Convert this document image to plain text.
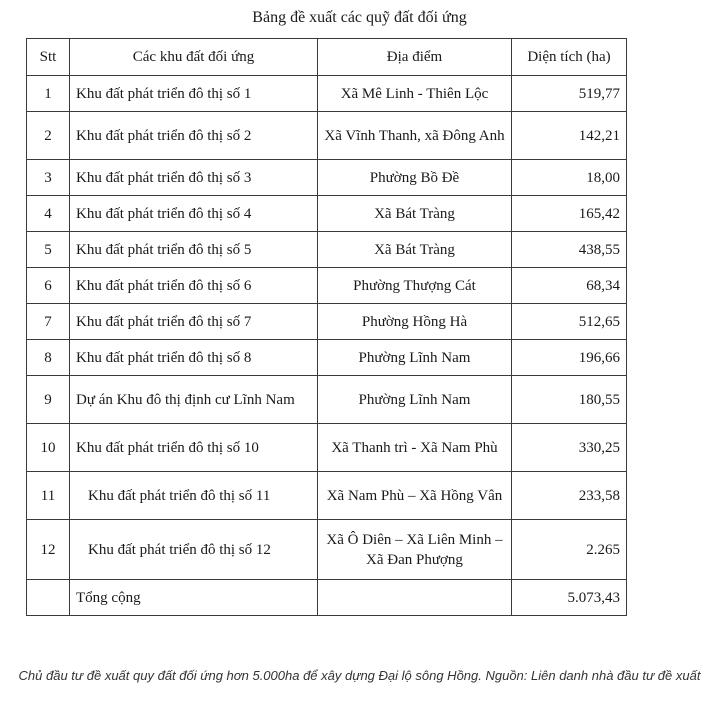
Bảng đề xuất các quỹ đất đối ứng
Stt	Các khu đất đối ứng	Địa điểm	Diện tích (ha)
1	Khu đất phát triển đô thị số 1	Xã Mê Linh - Thiên Lộc	519,77
2	Khu đất phát triển đô thị số 2	Xã Vĩnh Thanh, xã Đông Anh	142,21
3	Khu đất phát triển đô thị số 3	Phường Bồ Đề	18,00
4	Khu đất phát triển đô thị số 4	Xã Bát Tràng	165,42
5	Khu đất phát triển đô thị số 5	Xã Bát Tràng	438,55
6	Khu đất phát triển đô thị số 6	Phường Thượng Cát	68,34
7	Khu đất phát triển đô thị số 7	Phường Hồng Hà	512,65
8	Khu đất phát triển đô thị số 8	Phường Lĩnh Nam	196,66
9	Dự án Khu đô thị định cư Lĩnh Nam	Phường Lĩnh Nam	180,55
10	Khu đất phát triển đô thị số 10	Xã Thanh trì - Xã Nam Phù	330,25
11	Khu đất phát triển đô thị số 11	Xã Nam Phù – Xã Hồng Vân	233,58
12	Khu đất phát triển đô thị số 12	Xã Ô Diên – Xã Liên Minh – Xã Đan Phượng	2.265
	Tổng cộng		5.073,43
Chủ đầu tư đề xuất quy đất đối ứng hơn 5.000ha để xây dựng Đại lộ sông Hồng. Nguồn: Liên danh nhà đầu tư đề xuất
